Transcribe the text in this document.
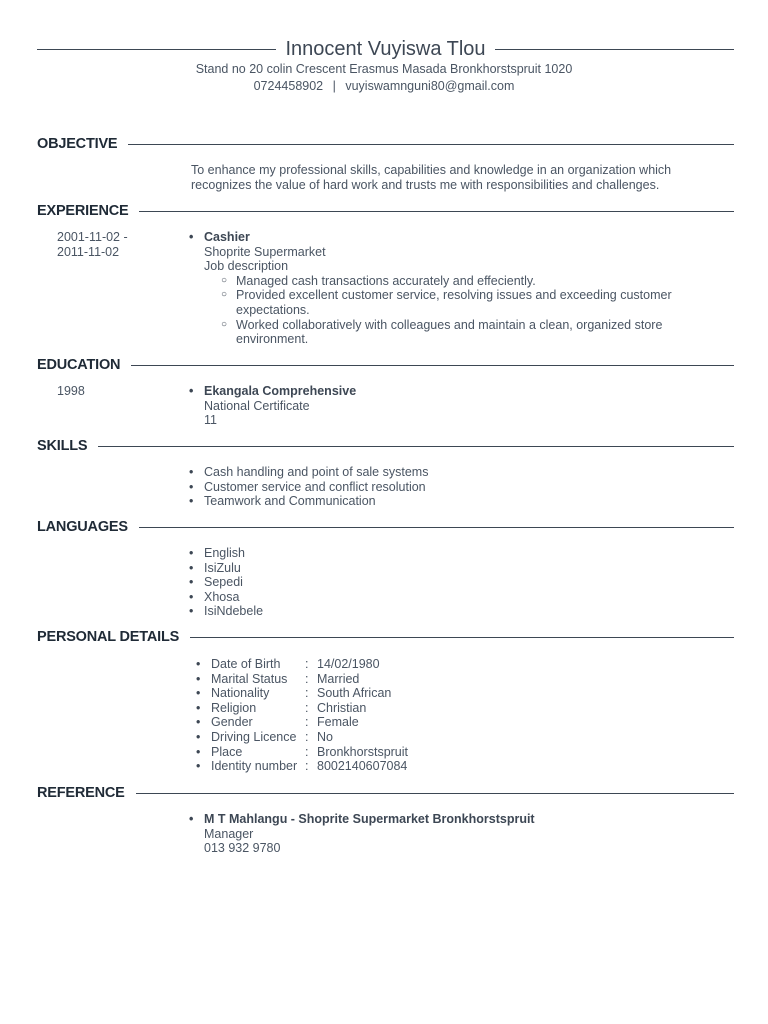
Innocent Vuyiswa Tlou
Stand no 20 colin Crescent Erasmus Masada Bronkhorstspruit 1020
0724458902 | vuyiswamnguni80@gmail.com
OBJECTIVE
To enhance my professional skills, capabilities and knowledge in an organization which
recognizes the value of hard work and trusts me with responsibilities and challenges.
EXPERIENCE
2001-11-02 -
2011-11-02
• Cashier
Shoprite Supermarket
Job description
○ Managed cash transactions accurately and effeciently.
○ Provided excellent customer service, resolving issues and exceeding customer
expectations.
○ Worked collaboratively with colleagues and maintain a clean, organized store
environment.
EDUCATION
1998
•	Ekangala Comprehensive
National Certificate
11
SKILLS
• Cash handling and point of sale systems
• Customer service and conflict resolution
• Teamwork and Communication
LANGUAGES
• English
• IsiZulu
• Sepedi
• Xhosa
• IsiNdebele
PERSONAL DETAILS
• Date of Birth	: 14/02/1980
• Marital Status	: Married
• Nationality	: South African
• Religion	: Christian
• Gender	: Female
• Driving Licence : No
• Place	: Bronkhorstspruit
• Identity number : 8002140607084
REFERENCE
• M T Mahlangu - Shoprite Supermarket Bronkhorstspruit
Manager
013 932 9780
